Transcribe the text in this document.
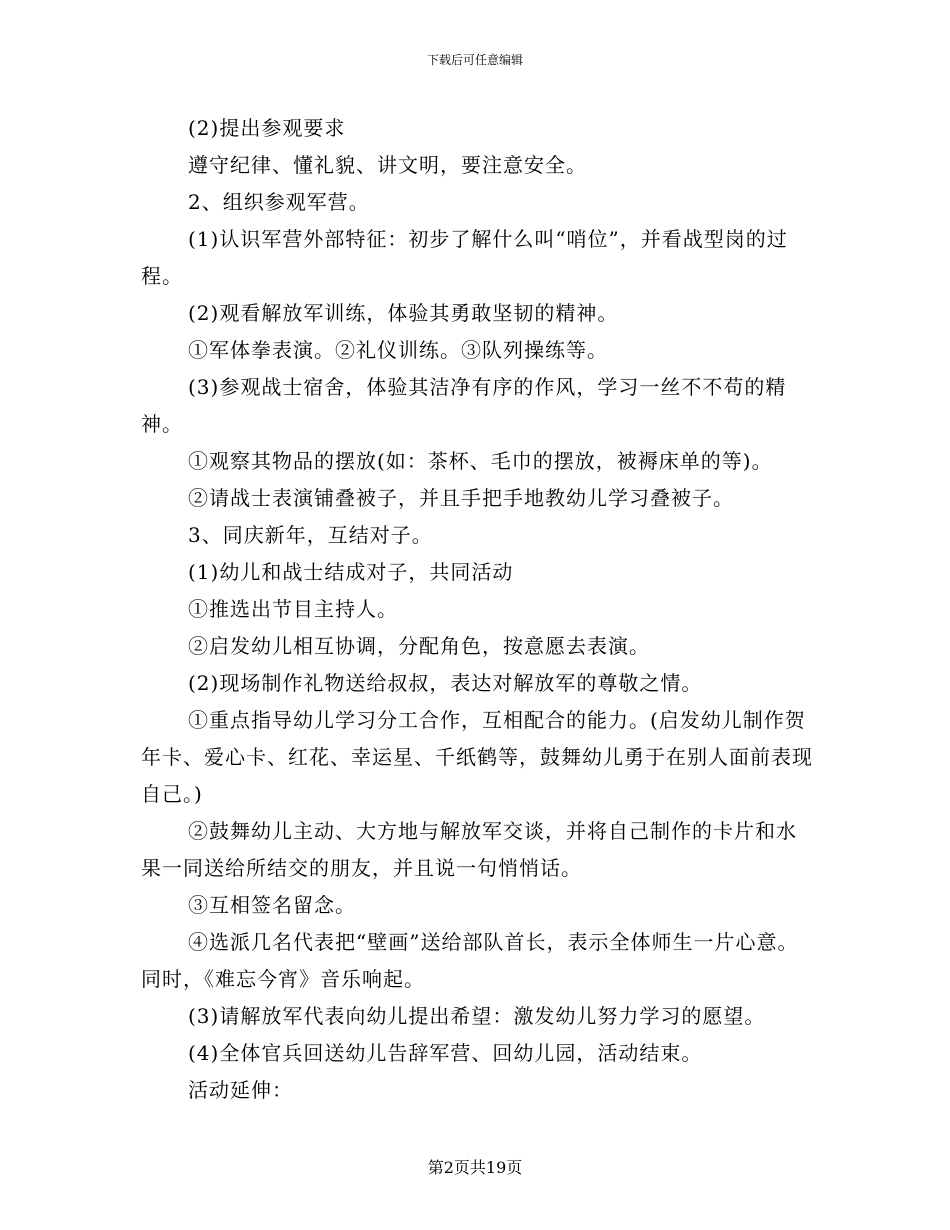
下载后可任意编辑

(2)提出参观要求

遵守纪律、懂礼貌、讲文明，要注意安全。

2、组织参观军营。

(1)认识军营外部特征：初步了解什么叫“哨位”，并看战型岗的过程。

(2)观看解放军训练，体验其勇敢坚韧的精神。

①军体拳表演。②礼仪训练。③队列操练等。

(3)参观战士宿舍，体验其洁净有序的作风，学习一丝不不苟的精神。

①观察其物品的摆放(如：茶杯、毛巾的摆放，被褥床单的等)。

②请战士表演铺叠被子，并且手把手地教幼儿学习叠被子。

3、同庆新年，互结对子。

(1)幼儿和战士结成对子，共同活动

①推选出节目主持人。

②启发幼儿相互协调，分配角色，按意愿去表演。

(2)现场制作礼物送给叔叔，表达对解放军的尊敬之情。

①重点指导幼儿学习分工合作，互相配合的能力。(启发幼儿制作贺年卡、爱心卡、红花、幸运星、千纸鹤等，鼓舞幼儿勇于在别人面前表现自己。)

②鼓舞幼儿主动、大方地与解放军交谈，并将自己制作的卡片和水果一同送给所结交的朋友，并且说一句悄悄话。

③互相签名留念。

④选派几名代表把“壁画”送给部队首长，表示全体师生一片心意。同时，《难忘今宵》音乐响起。

(3)请解放军代表向幼儿提出希望：激发幼儿努力学习的愿望。

(4)全体官兵回送幼儿告辞军营、回幼儿园，活动结束。

活动延伸：

第2页共19页
